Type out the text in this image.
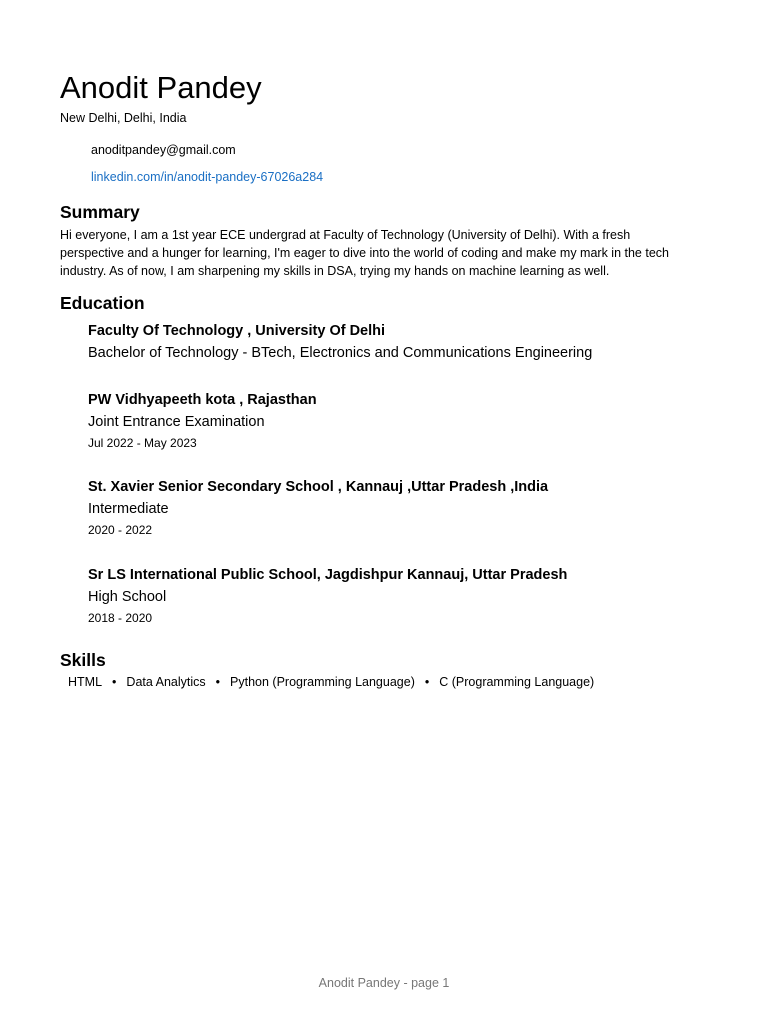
Anodit Pandey
New Delhi, Delhi, India
anoditpandey@gmail.com
linkedin.com/in/anodit-pandey-67026a284
Summary

Hi everyone, I am a 1st year ECE undergrad at Faculty of Technology (University of Delhi). With a fresh perspective and a hunger for learning, I'm eager to dive into the world of coding and make my mark in the tech industry. As of now, I am sharpening my skills in DSA, trying my hands on machine learning as well.

Education
Faculty Of Technology , University Of Delhi
Bachelor of Technology - BTech, Electronics and Communications Engineering
PW Vidhyapeeth kota , Rajasthan
Joint Entrance Examination
Jul 2022 - May 2023
St. Xavier Senior Secondary School , Kannauj ,Uttar Pradesh ,India
Intermediate
2020 - 2022
Sr LS International Public School, Jagdishpur Kannauj, Uttar Pradesh
High School
2018 - 2020
Skills
HTML • Data Analytics • Python (Programming Language) • C (Programming Language)
Anodit Pandey - page 1
